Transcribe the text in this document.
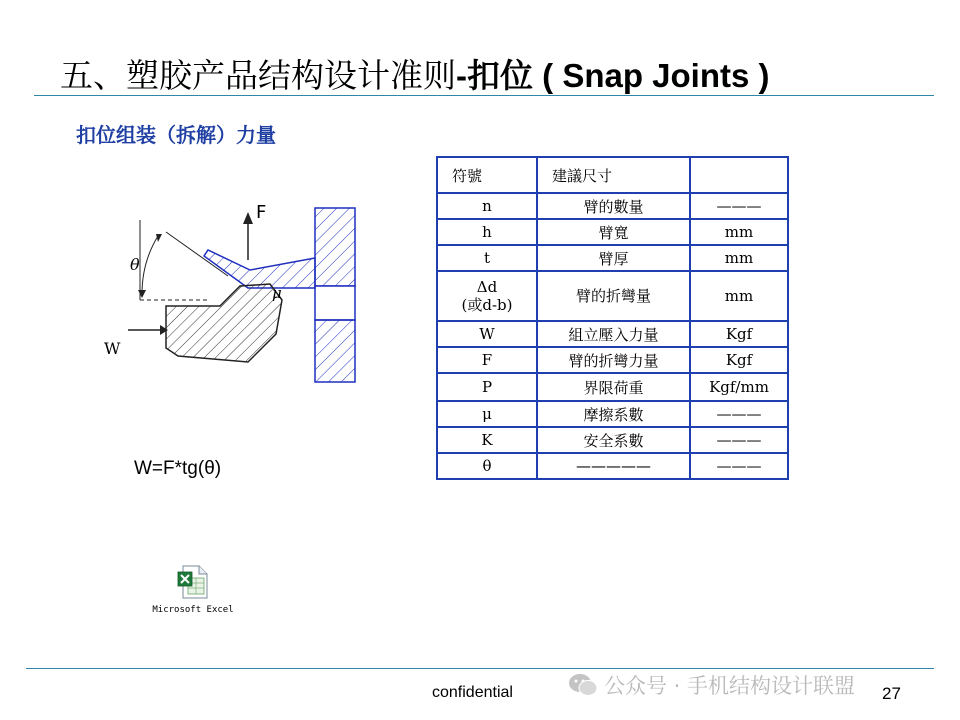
五、塑胶产品结构设计准则-扣位 ( Snap Joints )
扣位组装（拆解）力量
θ
F
μ
W
W=F*tg(θ)
符號	建議尺寸	
n	臂的數量	———
h	臂寬	mm
t	臂厚	mm

Δd
(或d-b)	臂的折彎量	mm
W	組立壓入力量	Kgf
F	臂的折彎力量	Kgf
P	界限荷重	Kgf/mm
μ	摩擦系數	———
K	安全系數	———
θ	—————	———
Microsoft Excel
confidential	公众号 · 手机结构设计联盟 27
